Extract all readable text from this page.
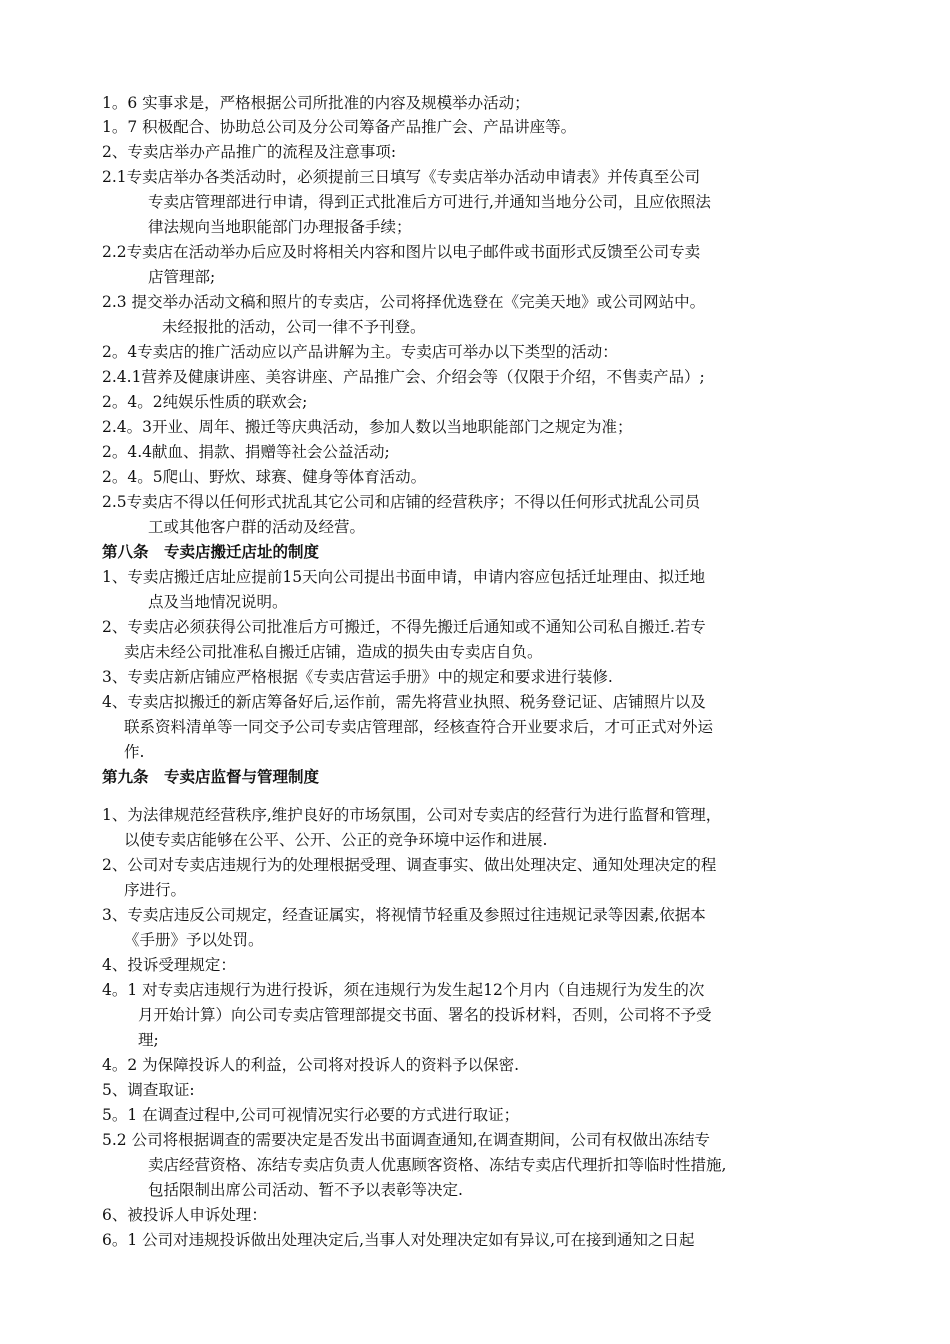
1。6 实事求是，严格根据公司所批准的内容及规模举办活动；
1。7 积极配合、协助总公司及分公司筹备产品推广会、产品讲座等。
2、专卖店举办产品推广的流程及注意事项:
2.1专卖店举办各类活动时，必须提前三日填写《专卖店举办活动申请表》并传真至公司
专卖店管理部进行申请，得到正式批准后方可进行,并通知当地分公司，且应依照法
律法规向当地职能部门办理报备手续；
2.2专卖店在活动举办后应及时将相关内容和图片以电子邮件或书面形式反馈至公司专卖
店管理部;
2.3 提交举办活动文稿和照片的专卖店，公司将择优选登在《完美天地》或公司网站中。
未经报批的活动，公司一律不予刊登。
2。4专卖店的推广活动应以产品讲解为主。专卖店可举办以下类型的活动：
2.4.1营养及健康讲座、美容讲座、产品推广会、介绍会等（仅限于介绍，不售卖产品）;
2。4。2纯娱乐性质的联欢会;
2.4。3开业、周年、搬迁等庆典活动，参加人数以当地职能部门之规定为准；
2。4.4献血、捐款、捐赠等社会公益活动;
2。4。5爬山、野炊、球赛、健身等体育活动。
2.5专卖店不得以任何形式扰乱其它公司和店铺的经营秩序；不得以任何形式扰乱公司员
工或其他客户群的活动及经营。
第八条　专卖店搬迁店址的制度
1、专卖店搬迁店址应提前15天向公司提出书面申请，申请内容应包括迁址理由、拟迁地
点及当地情况说明。
2、专卖店必须获得公司批准后方可搬迁，不得先搬迁后通知或不通知公司私自搬迁.若专
卖店未经公司批准私自搬迁店铺，造成的损失由专卖店自负。
3、专卖店新店铺应严格根据《专卖店营运手册》中的规定和要求进行装修.
4、专卖店拟搬迁的新店筹备好后,运作前，需先将营业执照、税务登记证、店铺照片以及
联系资料清单等一同交予公司专卖店管理部，经核查符合开业要求后，才可正式对外运
作.
第九条　专卖店监督与管理制度
1、为法律规范经营秩序,维护良好的市场氛围，公司对专卖店的经营行为进行监督和管理，
以使专卖店能够在公平、公开、公正的竞争环境中运作和进展.
2、公司对专卖店违规行为的处理根据受理、调查事实、做出处理决定、通知处理决定的程
序进行。
3、专卖店违反公司规定，经查证属实，将视情节轻重及参照过往违规记录等因素,依据本
《手册》予以处罚。
4、投诉受理规定：
4。1 对专卖店违规行为进行投诉，须在违规行为发生起12个月内（自违规行为发生的次
月开始计算）向公司专卖店管理部提交书面、署名的投诉材料，否则，公司将不予受
理;
4。2 为保障投诉人的利益，公司将对投诉人的资料予以保密.
5、调查取证:
5。1 在调查过程中,公司可视情况实行必要的方式进行取证；
5.2 公司将根据调查的需要决定是否发出书面调查通知,在调查期间，公司有权做出冻结专
卖店经营资格、冻结专卖店负责人优惠顾客资格、冻结专卖店代理折扣等临时性措施,
包括限制出席公司活动、暂不予以表彰等决定.
6、被投诉人申诉处理：
6。1 公司对违规投诉做出处理决定后,当事人对处理决定如有异议,可在接到通知之日起
